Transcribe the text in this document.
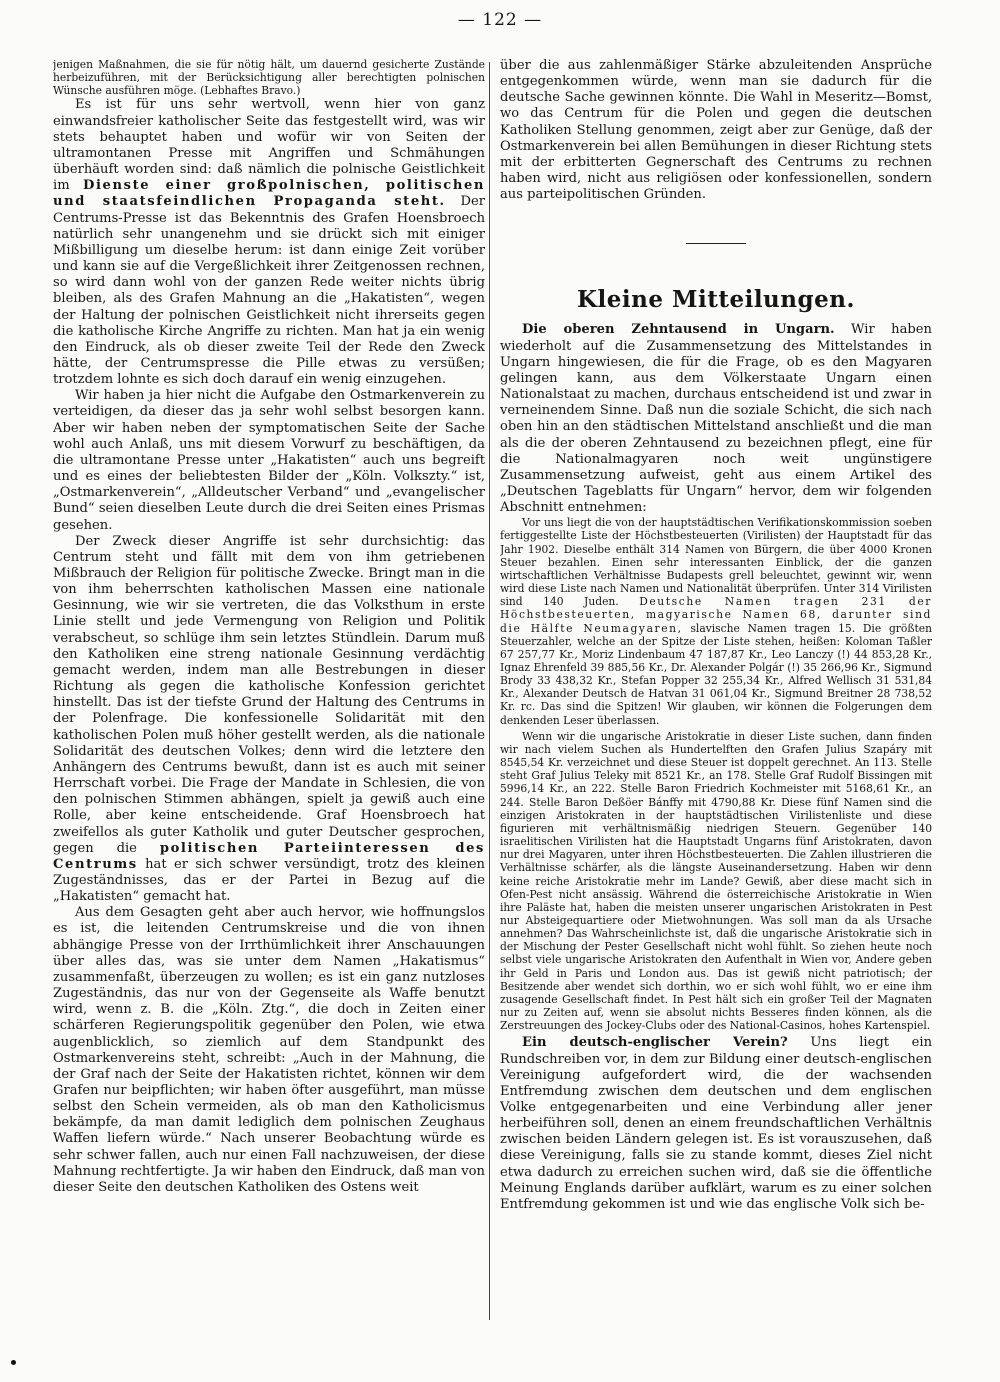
— 122 —

jenigen Maßnahmen, die sie für nötig hält, um dauernd gesicherte Zustände herbeizuführen, mit der Berücksichtigung aller berechtigten polnischen Wünsche ausführen möge. (Lebhaftes Bravo.)

Es ist für uns sehr wertvoll, wenn hier von ganz einwandsfreier katholischer Seite das festgestellt wird, was wir stets behauptet haben und wofür wir von Seiten der ultramontanen Presse mit Angriffen und Schmähungen überhäuft worden sind: daß nämlich die polnische Geistlichkeit im Dienste einer großpolnischen, politischen und staatsfeindlichen Propaganda steht. Der Centrums-Presse ist das Bekenntnis des Grafen Hoensbroech natürlich sehr unangenehm und sie drückt sich mit einiger Mißbilligung um dieselbe herum: ist dann einige Zeit vorüber und kann sie auf die Vergeßlichkeit ihrer Zeitgenossen rechnen, so wird dann wohl von der ganzen Rede weiter nichts übrig bleiben, als des Grafen Mahnung an die „Hakatisten“, wegen der Haltung der polnischen Geistlichkeit nicht ihrerseits gegen die katholische Kirche Angriffe zu richten. Man hat ja ein wenig den Eindruck, als ob dieser zweite Teil der Rede den Zweck hätte, der Centrumspresse die Pille etwas zu versüßen; trotzdem lohnte es sich doch darauf ein wenig einzugehen.

Wir haben ja hier nicht die Aufgabe den Ostmarkenverein zu verteidigen, da dieser das ja sehr wohl selbst besorgen kann. Aber wir haben neben der symptomatischen Seite der Sache wohl auch Anlaß, uns mit diesem Vorwurf zu beschäftigen, da die ultramontane Presse unter „Hakatisten“ auch uns begreift und es eines der beliebtesten Bilder der „Köln. Volkszty.“ ist, „Ostmarkenverein“, „Alldeutscher Verband“ und „evangelischer Bund“ seien dieselben Leute durch die drei Seiten eines Prismas gesehen.

Der Zweck dieser Angriffe ist sehr durchsichtig: das Centrum steht und fällt mit dem von ihm getriebenen Mißbrauch der Religion für politische Zwecke. Bringt man in die von ihm beherrschten katholischen Massen eine nationale Gesinnung, wie wir sie vertreten, die das Volksthum in erste Linie stellt und jede Vermengung von Religion und Politik verabscheut, so schlüge ihm sein letztes Stündlein. Darum muß den Katholiken eine streng nationale Gesinnung verdächtig gemacht werden, indem man alle Bestrebungen in dieser Richtung als gegen die katholische Konfession gerichtet hinstellt. Das ist der tiefste Grund der Haltung des Centrums in der Polenfrage. Die konfessionelle Solidarität mit den katholischen Polen muß höher gestellt werden, als die nationale Solidarität des deutschen Volkes; denn wird die letztere den Anhängern des Centrums bewußt, dann ist es auch mit seiner Herrschaft vorbei. Die Frage der Mandate in Schlesien, die von den polnischen Stimmen abhängen, spielt ja gewiß auch eine Rolle, aber keine entscheidende. Graf Hoensbroech hat zweifellos als guter Katholik und guter Deutscher gesprochen, gegen die politischen Parteiinteressen des Centrums hat er sich schwer versündigt, trotz des kleinen Zugeständnisses, das er der Partei in Bezug auf die „Hakatisten“ gemacht hat.

Aus dem Gesagten geht aber auch hervor, wie hoffnungslos es ist, die leitenden Centrumskreise und die von ihnen abhängige Presse von der Irrthümlichkeit ihrer Anschauungen über alles das, was sie unter dem Namen „Hakatismus“ zusammenfaßt, überzeugen zu wollen; es ist ein ganz nutzloses Zugeständnis, das nur von der Gegenseite als Waffe benutzt wird, wenn z. B. die „Köln. Ztg.“, die doch in Zeiten einer schärferen Regierungspolitik gegenüber den Polen, wie etwa augenblicklich, so ziemlich auf dem Standpunkt des Ostmarkenvereins steht, schreibt: „Auch in der Mahnung, die der Graf nach der Seite der Hakatisten richtet, können wir dem Grafen nur beipflichten; wir haben öfter ausgeführt, man müsse selbst den Schein vermeiden, als ob man den Katholicismus bekämpfe, da man damit lediglich dem polnischen Zeughaus Waffen liefern würde.“ Nach unserer Beobachtung würde es sehr schwer fallen, auch nur einen Fall nachzuweisen, der diese Mahnung rechtfertigte. Ja wir haben den Eindruck, daß man von dieser Seite den deutschen Katholiken des Ostens weit

über die aus zahlenmäßiger Stärke abzuleitenden Ansprüche entgegenkommen würde, wenn man sie dadurch für die deutsche Sache gewinnen könnte. Die Wahl in Meseritz—Bomst, wo das Centrum für die Polen und gegen die deutschen Katholiken Stellung genommen, zeigt aber zur Genüge, daß der Ostmarkenverein bei allen Bemühungen in dieser Richtung stets mit der erbitterten Gegnerschaft des Centrums zu rechnen haben wird, nicht aus religiösen oder konfessionellen, sondern aus parteipolitischen Gründen.

Kleine Mitteilungen.

Die oberen Zehntausend in Ungarn. Wir haben wiederholt auf die Zusammensetzung des Mittelstandes in Ungarn hingewiesen, die für die Frage, ob es den Magyaren gelingen kann, aus dem Völkerstaate Ungarn einen Nationalstaat zu machen, durchaus entscheidend ist und zwar in verneinendem Sinne. Daß nun die soziale Schicht, die sich nach oben hin an den städtischen Mittelstand anschließt und die man als die der oberen Zehntausend zu bezeichnen pflegt, eine für die Nationalmagyaren noch weit ungünstigere Zusammensetzung aufweist, geht aus einem Artikel des „Deutschen Tageblatts für Ungarn“ hervor, dem wir folgenden Abschnitt entnehmen:

Vor uns liegt die von der hauptstädtischen Verifikationskommission soeben fertiggestellte Liste der Höchstbesteuerten (Virilisten) der Hauptstadt für das Jahr 1902. Dieselbe enthält 314 Namen von Bürgern, die über 4000 Kronen Steuer bezahlen. Einen sehr interessanten Einblick, der die ganzen wirtschaftlichen Verhältnisse Budapests grell beleuchtet, gewinnt wir, wenn wird diese Liste nach Namen und Nationalität überprüfen. Unter 314 Virilisten sind 140 Juden. Deutsche Namen tragen 231 der Höchstbesteuerten, magyarische Namen 68, darunter sind die Hälfte Neumagyaren, slavische Namen tragen 15. Die größten Steuerzahler, welche an der Spitze der Liste stehen, heißen: Koloman Taßler 67 257,77 Kr., Moriz Lindenbaum 47 187,87 Kr., Leo Lanczy (!) 44 853,28 Kr., Ignaz Ehrenfeld 39 885,56 Kr., Dr. Alexander Polgár (!) 35 266,96 Kr., Sigmund Brody 33 438,32 Kr., Stefan Popper 32 255,34 Kr., Alfred Wellisch 31 531,84 Kr., Alexander Deutsch de Hatvan 31 061,04 Kr., Sigmund Breitner 28 738,52 Kr. rc. Das sind die Spitzen! Wir glauben, wir können die Folgerungen dem denkenden Leser überlassen.

Wenn wir die ungarische Aristokratie in dieser Liste suchen, dann finden wir nach vielem Suchen als Hundertelften den Grafen Julius Szapáry mit 8545,54 Kr. verzeichnet und diese Steuer ist doppelt gerechnet. An 113. Stelle steht Graf Julius Teleky mit 8521 Kr., an 178. Stelle Graf Rudolf Bissingen mit 5996,14 Kr., an 222. Stelle Baron Friedrich Kochmeister mit 5168,61 Kr., an 244. Stelle Baron Deßöer Bánffy mit 4790,88 Kr. Diese fünf Namen sind die einzigen Aristokraten in der hauptstädtischen Virilistenliste und diese figurieren mit verhältnismäßig niedrigen Steuern. Gegenüber 140 israelitischen Virilisten hat die Hauptstadt Ungarns fünf Aristokraten, davon nur drei Magyaren, unter ihren Höchstbesteuerten. Die Zahlen illustrieren die Verhältnisse schärfer, als die längste Auseinandersetzung. Haben wir denn keine reiche Aristokratie mehr im Lande? Gewiß, aber diese macht sich in Ofen-Pest nicht ansässig. Während die österreichische Aristokratie in Wien ihre Paläste hat, haben die meisten unserer ungarischen Aristokraten in Pest nur Absteigequartiere oder Mietwohnungen. Was soll man da als Ursache annehmen? Das Wahrscheinlichste ist, daß die ungarische Aristokratie sich in der Mischung der Pester Gesellschaft nicht wohl fühlt. So ziehen heute noch selbst viele ungarische Aristokraten den Aufenthalt in Wien vor, Andere geben ihr Geld in Paris und London aus. Das ist gewiß nicht patriotisch; der Besitzende aber wendet sich dorthin, wo er sich wohl fühlt, wo er eine ihm zusagende Gesellschaft findet. In Pest hält sich ein großer Teil der Magnaten nur zu Zeiten auf, wenn sie absolut nichts Besseres finden können, als die Zerstreuungen des Jockey-Clubs oder des National-Casinos, hohes Kartenspiel.

Ein deutsch-englischer Verein? Uns liegt ein Rundschreiben vor, in dem zur Bildung einer deutsch-englischen Vereinigung aufgefordert wird, die der wachsenden Entfremdung zwischen dem deutschen und dem englischen Volke entgegenarbeiten und eine Verbindung aller jener herbeiführen soll, denen an einem freundschaftlichen Verhältnis zwischen beiden Ländern gelegen ist. Es ist vorauszusehen, daß diese Vereinigung, falls sie zu stande kommt, dieses Ziel nicht etwa dadurch zu erreichen suchen wird, daß sie die öffentliche Meinung Englands darüber aufklärt, warum es zu einer solchen Entfremdung gekommen ist und wie das englische Volk sich be-
